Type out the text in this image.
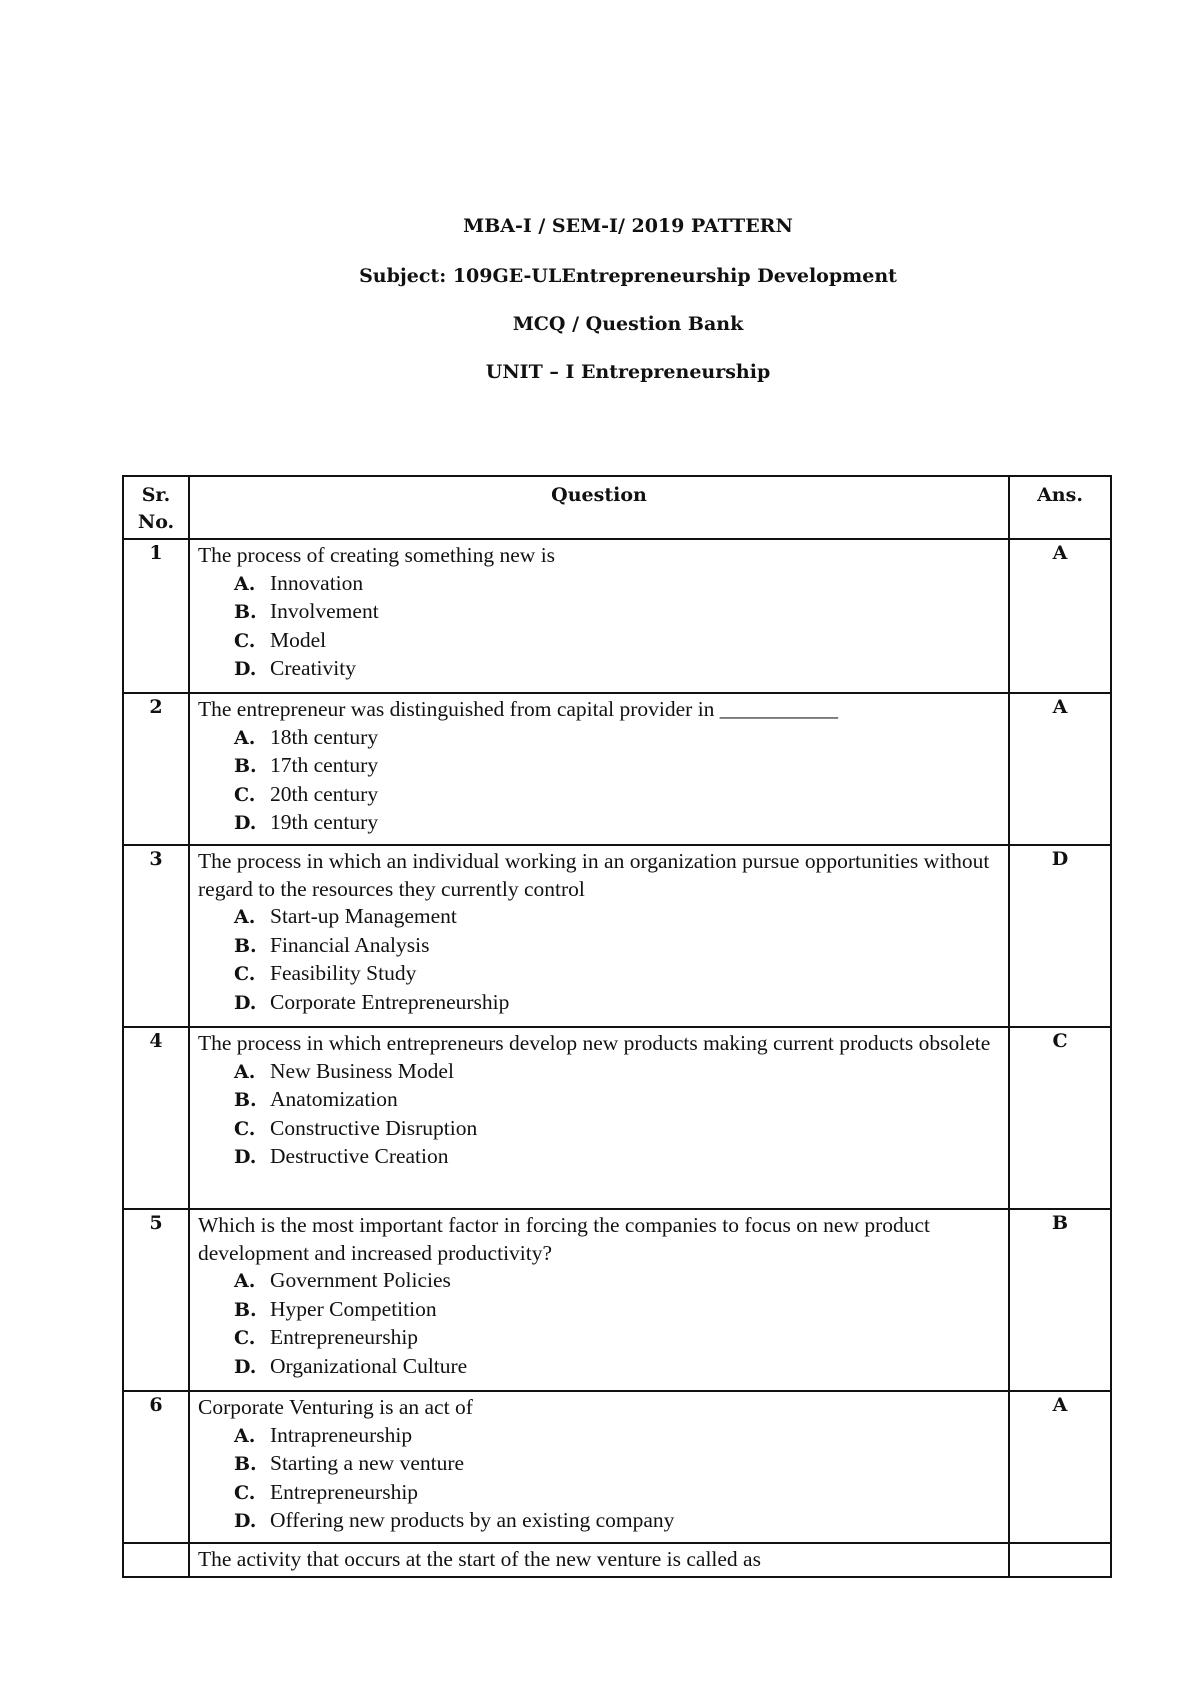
MBA-I / SEM-I/ 2019 PATTERN
Subject: 109GE-ULEntrepreneurship Development
MCQ / Question Bank
UNIT – I Entrepreneurship
Sr.
No.	Question	Ans.
1	The process of creating something new is
A. Innovation
B. Involvement
C. Model
D. Creativity	A
2	The entrepreneur was distinguished from capital provider in ___________
A. 18th century
B. 17th century
C. 20th century
D. 19th century	A
3	The process in which an individual working in an organization pursue opportunities without regard to the resources they currently control
A. Start-up Management
B. Financial Analysis
C. Feasibility Study
D. Corporate Entrepreneurship	D
4	The process in which entrepreneurs develop new products making current products obsolete
A. New Business Model
B. Anatomization
C. Constructive Disruption
D. Destructive Creation	C
5	Which is the most important factor in forcing the companies to focus on new product development and increased productivity?
A. Government Policies
B. Hyper Competition
C. Entrepreneurship
D. Organizational Culture	B
6	Corporate Venturing is an act of
A. Intrapreneurship
B. Starting a new venture
C. Entrepreneurship
D. Offering new products by an existing company	A

	The activity that occurs at the start of the new venture is called as	
